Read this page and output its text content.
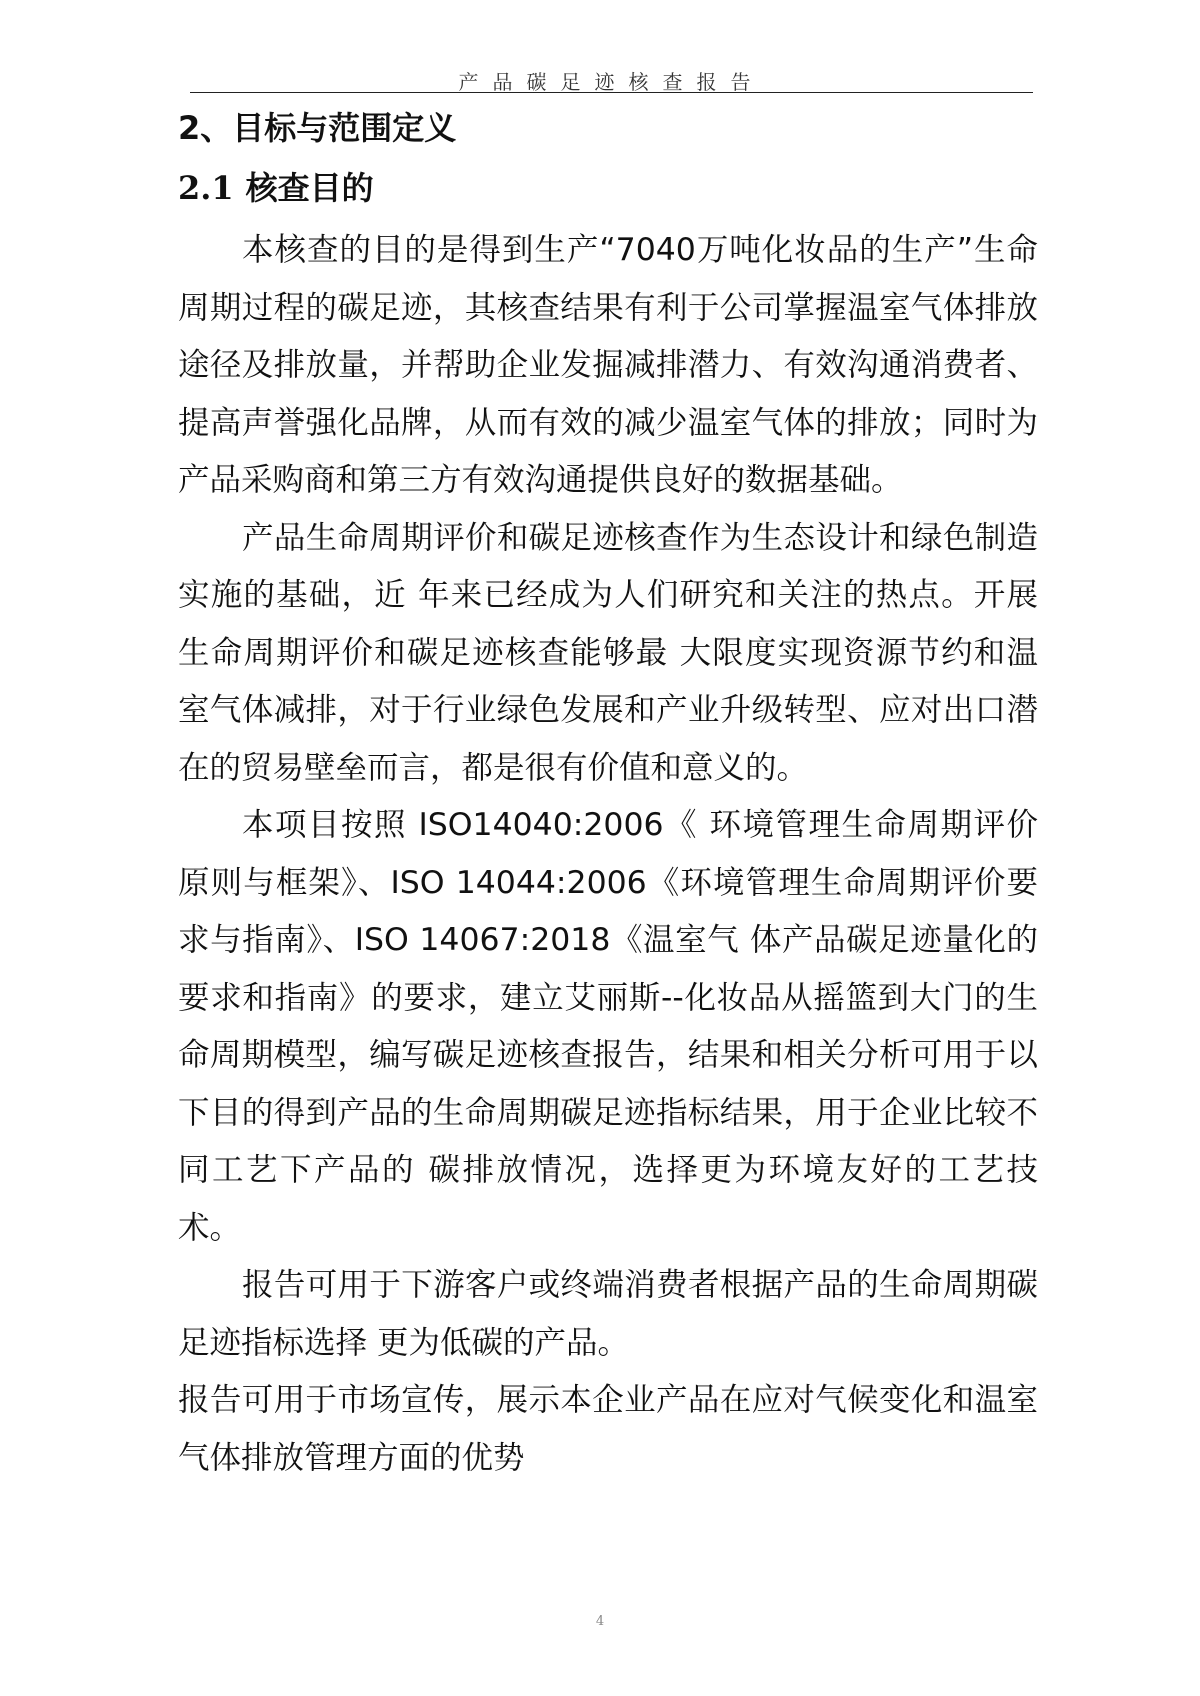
产品碳足迹核查报告
2、目标与范围定义
2.1 核查目的

本核查的目的是得到生产“7040万吨化妆品的生产”生命周期过程的碳足迹，其核查结果有利于公司掌握温室气体排放途径及排放量，并帮助企业发掘减排潜力、有效沟通消费者、提高声誉强化品牌，从而有效的减少温室气体的排放；同时为产品采购商和第三方有效沟通提供良好的数据基础。

产品生命周期评价和碳足迹核查作为生态设计和绿色制造实施的基础，近 年来已经成为人们研究和关注的热点。开展生命周期评价和碳足迹核查能够最 大限度实现资源节约和温室气体减排，对于行业绿色发展和产业升级转型、应对出口潜在的贸易壁垒而言，都是很有价值和意义的。

本项目按照 ISO14040:2006《 环境管理生命周期评价原则与框架》、ISO 14044:2006《环境管理生命周期评价要求与指南》、ISO 14067:2018《温室气 体产品碳足迹量化的要求和指南》的要求，建立艾丽斯--化妆品从摇篮到大门的生命周期模型，编写碳足迹核查报告，结果和相关分析可用于以下目的得到产品的生命周期碳足迹指标结果，用于企业比较不同工艺下产品的 碳排放情况，选择更为环境友好的工艺技术。

报告可用于下游客户或终端消费者根据产品的生命周期碳足迹指标选择 更为低碳的产品。

报告可用于市场宣传，展示本企业产品在应对气候变化和温室气体排放管理方面的优势

4
